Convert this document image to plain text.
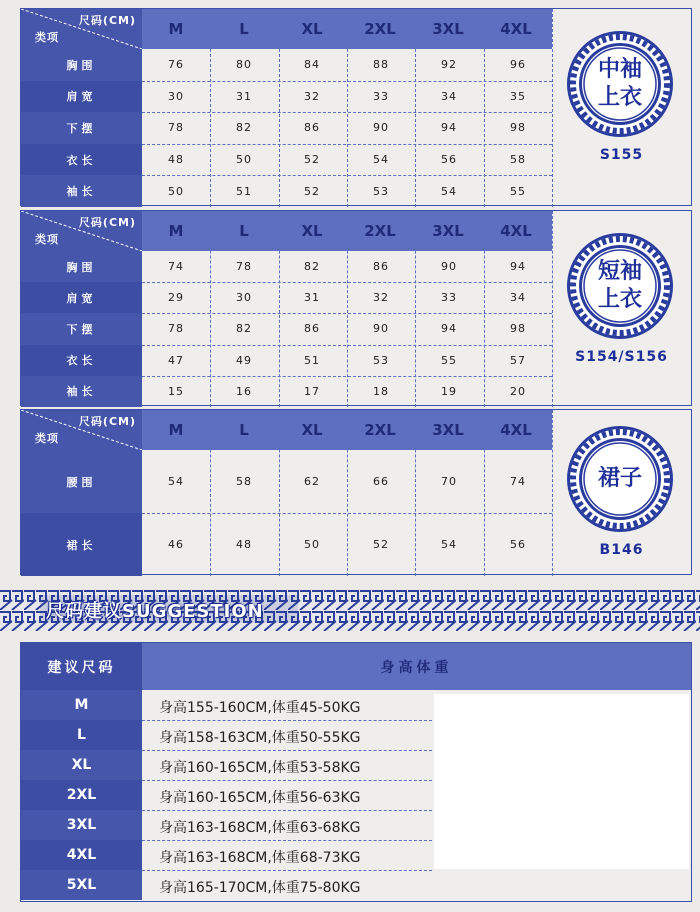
尺码(CM)
类项	M	L	XL	2XL	3XL	4XL
胸围	76	80	84	88	92	96
肩宽	30	31	32	33	34	35
下摆	78	82	86	90	94	98
衣长	48	50	52	54	56	58
袖长	50	51	52	53	54	55
中袖
上衣
S155
尺码(CM)
类项	M	L	XL	2XL	3XL	4XL
胸围	74	78	82	86	90	94
肩宽	29	30	31	32	33	34
下摆	78	82	86	90	94	98
衣长	47	49	51	53	55	57
袖长	15	16	17	18	19	20
短袖
上衣
S154/S156
尺码(CM)
类项	M	L	XL	2XL	3XL	4XL
腰围	54	58	62	66	70	74
裙长	46	48	50	52	54	56
裙子
B146
尺码建议SUGGESTION
建议尺码	身高体重
M	身高155-160CM,体重45-50KG
L	身高158-163CM,体重50-55KG
XL	身高160-165CM,体重53-58KG
2XL	身高160-165CM,体重56-63KG
3XL	身高163-168CM,体重63-68KG
4XL	身高163-168CM,体重68-73KG
5XL	身高165-170CM,体重75-80KG
